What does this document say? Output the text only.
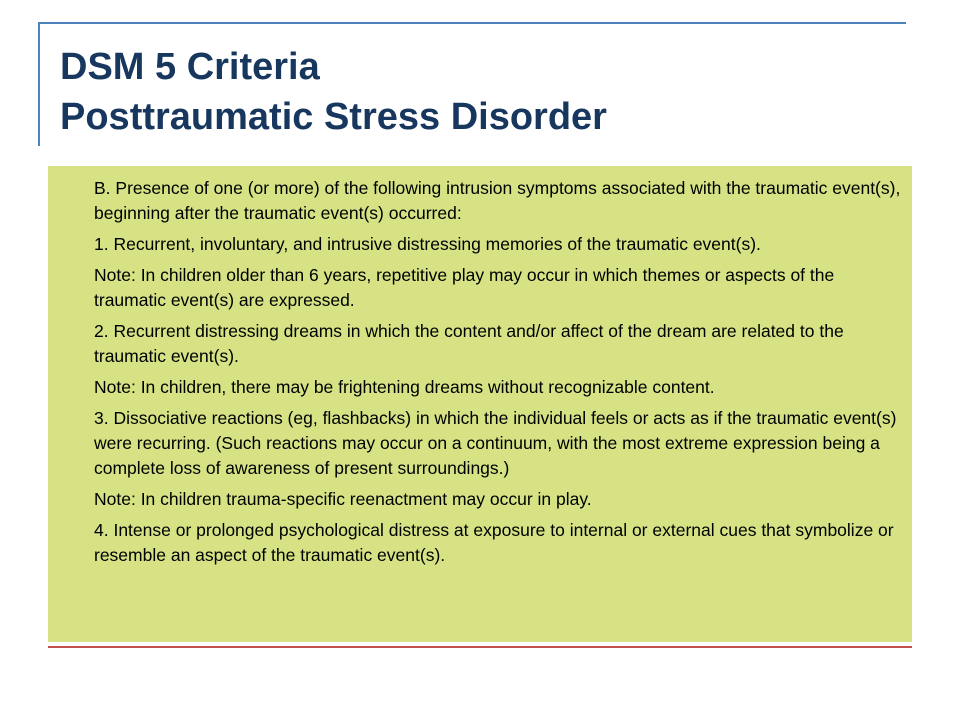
DSM 5 Criteria
Posttraumatic Stress Disorder
B. Presence of one (or more) of the following intrusion symptoms associated with the traumatic event(s), beginning after the traumatic event(s) occurred:
1. Recurrent, involuntary, and intrusive distressing memories of the traumatic event(s).
Note: In children older than 6 years, repetitive play may occur in which themes or aspects of the traumatic event(s) are expressed.
2. Recurrent distressing dreams in which the content and/or affect of the dream are related to the traumatic event(s).
Note: In children, there may be frightening dreams without recognizable content.
3. Dissociative reactions (eg, flashbacks) in which the individual feels or acts as if the traumatic event(s) were recurring. (Such reactions may occur on a continuum, with the most extreme expression being a complete loss of awareness of present surroundings.)
Note: In children trauma-specific reenactment may occur in play.
4. Intense or prolonged psychological distress at exposure to internal or external cues that symbolize or resemble an aspect of the traumatic event(s).
